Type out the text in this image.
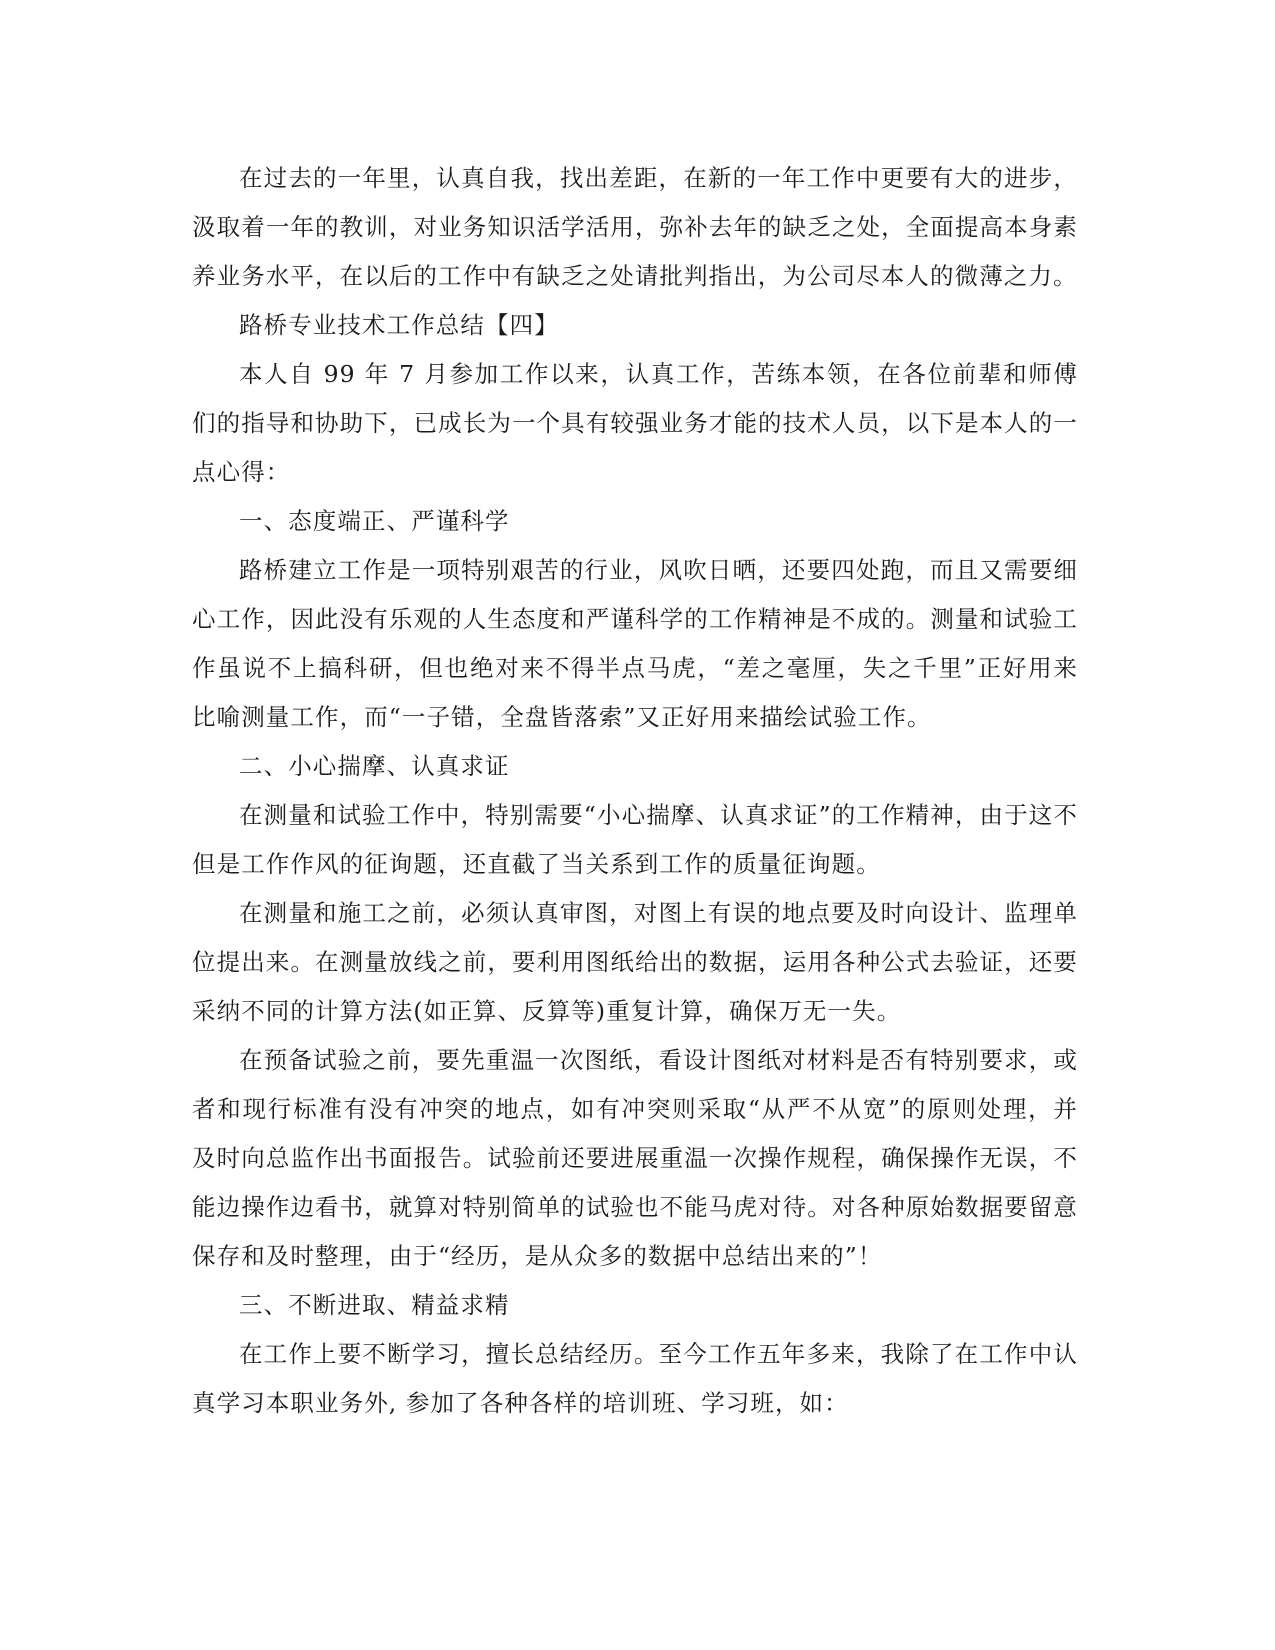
在过去的一年里，认真自我，找出差距，在新的一年工作中更要有大的进步，汲取着一年的教训，对业务知识活学活用，弥补去年的缺乏之处，全面提高本身素养业务水平，在以后的工作中有缺乏之处请批判指出，为公司尽本人的微薄之力。

路桥专业技术工作总结【四】

本人自 99 年 7 月参加工作以来，认真工作，苦练本领，在各位前辈和师傅们的指导和协助下，已成长为一个具有较强业务才能的技术人员，以下是本人的一点心得：

一、态度端正、严谨科学

路桥建立工作是一项特别艰苦的行业，风吹日晒，还要四处跑，而且又需要细心工作，因此没有乐观的人生态度和严谨科学的工作精神是不成的。测量和试验工作虽说不上搞科研，但也绝对来不得半点马虎，“差之毫厘，失之千里”正好用来比喻测量工作，而“一子错，全盘皆落索”又正好用来描绘试验工作。

二、小心揣摩、认真求证

在测量和试验工作中，特别需要“小心揣摩、认真求证”的工作精神，由于这不但是工作作风的征询题，还直截了当关系到工作的质量征询题。

在测量和施工之前，必须认真审图，对图上有误的地点要及时向设计、监理单位提出来。在测量放线之前，要利用图纸给出的数据，运用各种公式去验证，还要采纳不同的计算方法(如正算、反算等)重复计算，确保万无一失。

在预备试验之前，要先重温一次图纸，看设计图纸对材料是否有特别要求，或者和现行标准有没有冲突的地点，如有冲突则采取“从严不从宽”的原则处理，并及时向总监作出书面报告。试验前还要进展重温一次操作规程，确保操作无误，不能边操作边看书，就算对特别简单的试验也不能马虎对待。对各种原始数据要留意保存和及时整理，由于“经历，是从众多的数据中总结出来的”！

三、不断进取、精益求精

在工作上要不断学习，擅长总结经历。至今工作五年多来，我除了在工作中认真学习本职业务外, 参加了各种各样的培训班、学习班，如：
